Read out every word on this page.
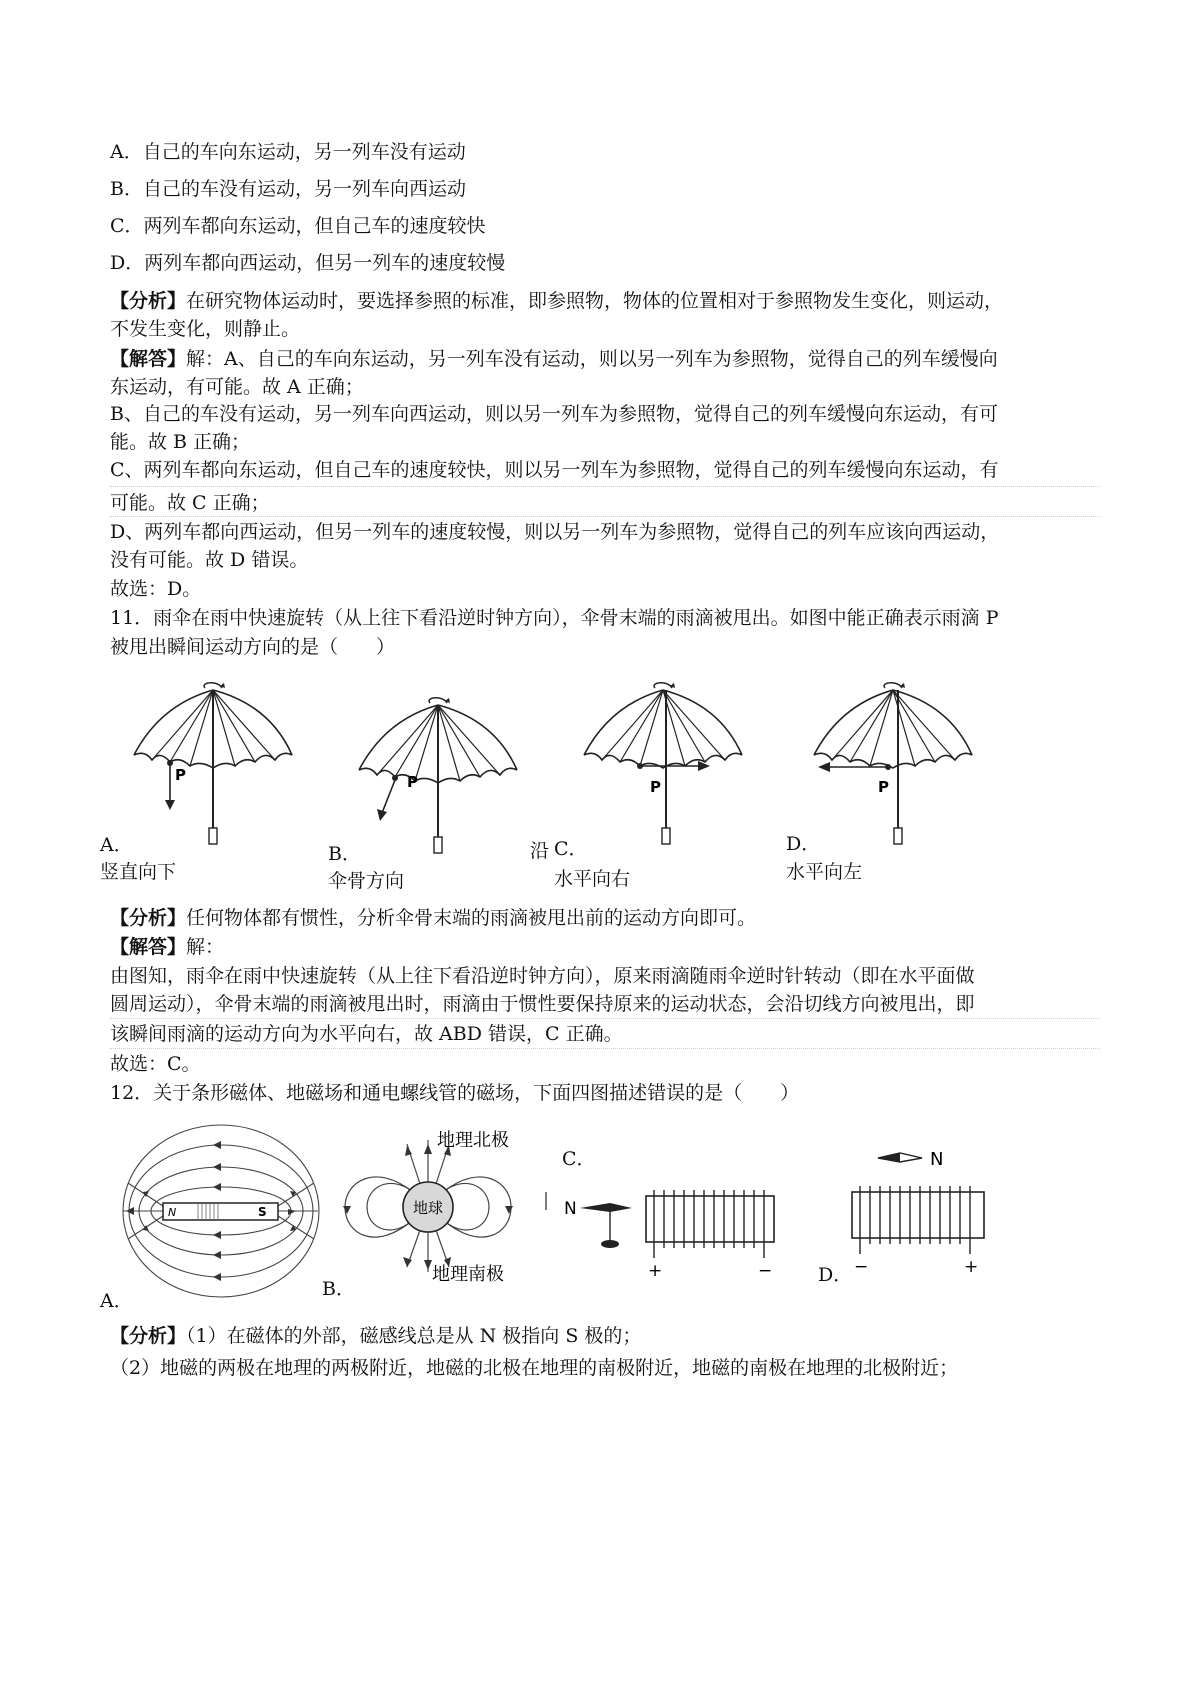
A．自己的车向东运动，另一列车没有运动
B．自己的车没有运动，另一列车向西运动
C．两列车都向东运动，但自己车的速度较快
D．两列车都向西运动，但另一列车的速度较慢
【分析】在研究物体运动时，要选择参照的标准，即参照物，物体的位置相对于参照物发生变化，则运动，
不发生变化，则静止。
【解答】解：A、自己的车向东运动，另一列车没有运动，则以另一列车为参照物，觉得自己的列车缓慢向
东运动，有可能。故 A 正确；
B、自己的车没有运动，另一列车向西运动，则以另一列车为参照物，觉得自己的列车缓慢向东运动，有可
能。故 B 正确；
C、两列车都向东运动，但自己车的速度较快，则以另一列车为参照物，觉得自己的列车缓慢向东运动，有
可能。故 C 正确；
D、两列车都向西运动，但另一列车的速度较慢，则以另一列车为参照物，觉得自己的列车应该向西运动，
没有可能。故 D 错误。
故选：D。
11．雨伞在雨中快速旋转（从上往下看沿逆时钟方向），伞骨末端的雨滴被甩出。如图中能正确表示雨滴 P
被甩出瞬间运动方向的是（　　）
P
A．
竖直向下
P
B．
伞骨方向
P
沿 C．
水平向右
P
D．
水平向左
【分析】任何物体都有惯性，分析伞骨末端的雨滴被甩出前的运动方向即可。
【解答】解：
由图知，雨伞在雨中快速旋转（从上往下看沿逆时钟方向），原来雨滴随雨伞逆时针转动（即在水平面做
圆周运动），伞骨末端的雨滴被甩出时，雨滴由于惯性要保持原来的运动状态，会沿切线方向被甩出，即
该瞬间雨滴的运动方向为水平向右，故 ABD 错误，C 正确。
故选：C。
12．关于条形磁体、地磁场和通电螺线管的磁场，下面四图描述错误的是（　　）
N	S
A．
地球
地理北极
地理南极
B．
C．
N
+	−
N
−	+
D．
【分析】（1）在磁体的外部，磁感线总是从 N 极指向 S 极的；
（2）地磁的两极在地理的两极附近，地磁的北极在地理的南极附近，地磁的南极在地理的北极附近；
